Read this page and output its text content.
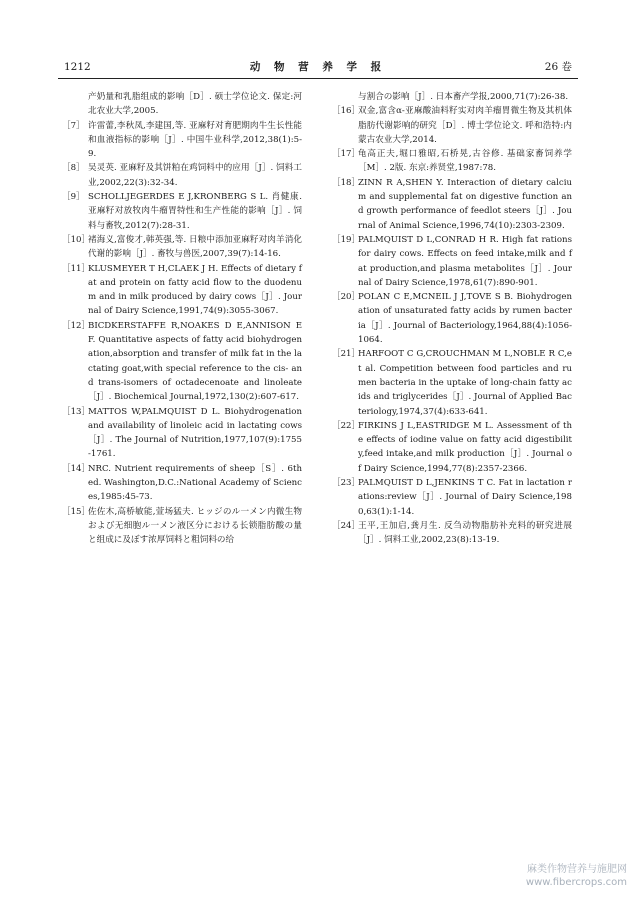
1212	动 物 营 养 学 报	26 卷

产奶量和乳脂组成的影响［D］. 硕士学位论文. 保定:河北农业大学,2005.

［7］ 许雷蕾,李秋凤,李建国,等. 亚麻籽对育肥期肉牛生长性能和血液指标的影响［J］. 中国牛业科学,2012,38(1):5-9.

［8］ 吴灵英. 亚麻籽及其饼粕在鸡饲料中的应用［J］. 饲料工业,2002,22(3):32-34.

［9］ SCHOLLJEGERDES E J,KRONBERG S L. 肖健康. 亚麻籽对放牧肉牛瘤胃特性和生产性能的影响［J］. 饲料与畜牧,2012(7):28-31.

［10］
褚海义,富俊才,韩英强,等. 日粮中添加亚麻籽对肉羊消化代谢的影响［J］. 畜牧与兽医,2007,39(7):14-16.

［11］
KLUSMEYER T H,CLAEK J H. Effects of dietary fat and protein on fatty acid flow to the duodenum and in milk produced by dairy cows［J］. Journal of Dairy Science,1991,74(9):3055-3067.

［12］
BICDKERSTAFFE R,NOAKES D E,ANNISON E F. Quantitative aspects of fatty acid biohydrogenation,absorption and transfer of milk fat in the lactating goat,with special reference to the cis- and trans-isomers of octadecenoate and linoleate［J］. Biochemical Journal,1972,130(2):607-617.

［13］
MATTOS W,PALMQUIST D L. Biohydrogenation and availability of linoleic acid in lactating cows［J］. The Journal of Nutrition,1977,107(9):1755-1761.

［14］
NRC. Nutrient requirements of sheep［S］. 6th ed. Washington,D.C.:National Academy of Sciences,1985:45-73.

［15］
佐佐木,高桥敏能,萱场猛夫. ヒッジのル一メン内微生物および无细胞ル一メン液区分における长锁脂肪酸の量と组成に及ぼす浓厚饲料と粗饲料の给

与割合の影响［J］. 日本畜产学报,2000,71(7):26-38.

［16］
双金,富含α-亚麻酸油料籽实对肉羊瘤胃微生物及其机体脂肪代谢影响的研究［D］. 博士学位论文. 呼和浩特:内蒙古农业大学,2014.

［17］
龟高正夫,堀口雅昭,石桥晃,古谷修. 基础家畜饲养学［M］. 2版. 东京:养贤堂,1987:78.

［18］
ZINN R A,SHEN Y. Interaction of dietary calcium and supplemental fat on digestive function and growth performance of feedlot steers［J］. Journal of Animal Science,1996,74(10):2303-2309.

［19］
PALMQUIST D L,CONRAD H R. High fat rations for dairy cows. Effects on feed intake,milk and fat production,and plasma metabolites［J］. Journal of Dairy Science,1978,61(7):890-901.

［20］
POLAN C E,MCNEIL J J,TOVE S B. Biohydrogenation of unsaturated fatty acids by rumen bacteria［J］. Journal of Bacteriology,1964,88(4):1056-1064.

［21］
HARFOOT C G,CROUCHMAN M L,NOBLE R C,et al. Competition between food particles and rumen bacteria in the uptake of long-chain fatty acids and triglycerides［J］. Journal of Applied Bacteriology,1974,37(4):633-641.

［22］
FIRKINS J L,EASTRIDGE M L. Assessment of the effects of iodine value on fatty acid digestibility,feed intake,and milk production［J］. Journal of Dairy Science,1994,77(8):2357-2366.

［23］
PALMQUIST D L,JENKINS T C. Fat in lactation rations:review［J］. Journal of Dairy Science,1980,63(1):1-14.

［24］
王平,王加启,龚月生. 反刍动物脂肪补充料的研究进展［J］. 饲料工业,2002,23(8):13-19.

麻类作物营养与施肥网
www.fibercrops.com
